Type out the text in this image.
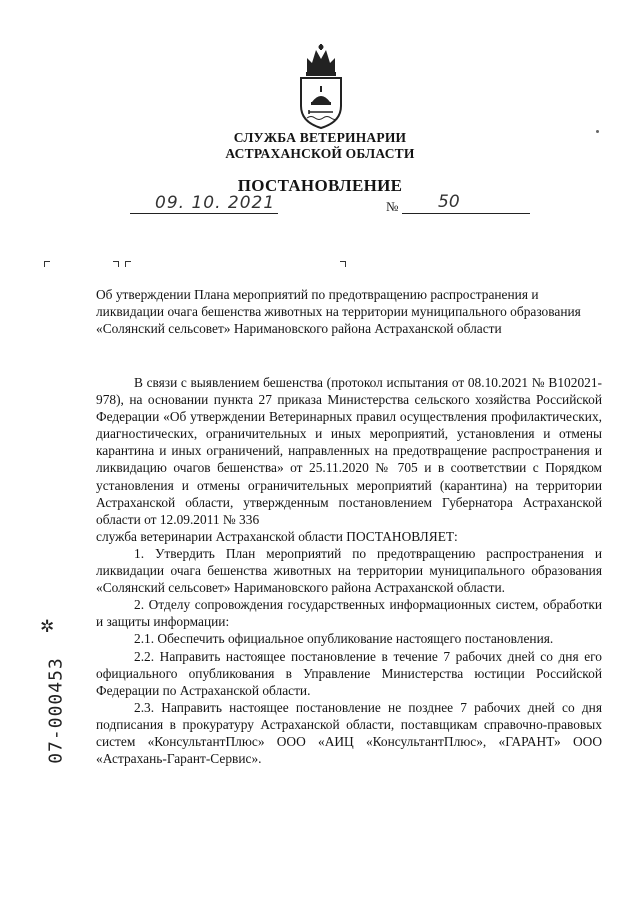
СЛУЖБА ВЕТЕРИНАРИИ
АСТРАХАНСКОЙ ОБЛАСТИ
ПОСТАНОВЛЕНИЕ
09. 10. 2021	№ 50
Об утверждении Плана мероприятий по предотвращению распространения и ликвидации очага бешенства животных на территории муниципального образования «Солянский сельсовет» Наримановского района Астраханской области

В связи с выявлением бешенства (протокол испытания от 08.10.2021 № В102021-978), на основании пункта 27 приказа Министерства сельского хозяйства Российской Федерации «Об утверждении Ветеринарных правил осуществления профилактических, диагностических, ограничительных и иных мероприятий, установления и отмены карантина и иных ограничений, направленных на предотвращение распространения и ликвидацию очагов бешенства» от 25.11.2020 № 705 и в соответствии с Порядком установления и отмены ограничительных мероприятий (карантина) на территории Астраханской области, утвержденным постановлением Губернатора Астраханской области от 12.09.2011 № 336

служба ветеринарии Астраханской области ПОСТАНОВЛЯЕТ:

1. Утвердить План мероприятий по предотвращению распространения и ликвидации очага бешенства животных на территории муниципального образования «Солянский сельсовет» Наримановского района Астраханской области.

2. Отделу сопровождения государственных информационных систем, обработки и защиты информации:

2.1. Обеспечить официальное опубликование настоящего постановления.

2.2. Направить настоящее постановление в течение 7 рабочих дней со дня его официального опубликования в Управление Министерства юстиции Российской Федерации по Астраханской области.

2.3. Направить настоящее постановление не позднее 7 рабочих дней со дня подписания в прокуратуру Астраханской области, поставщикам справочно-правовых систем «КонсультантПлюс» ООО «АИЦ «КонсультантПлюс», «ГАРАНТ» ООО «Астрахань-Гарант-Сервис».

✲
07-000453
